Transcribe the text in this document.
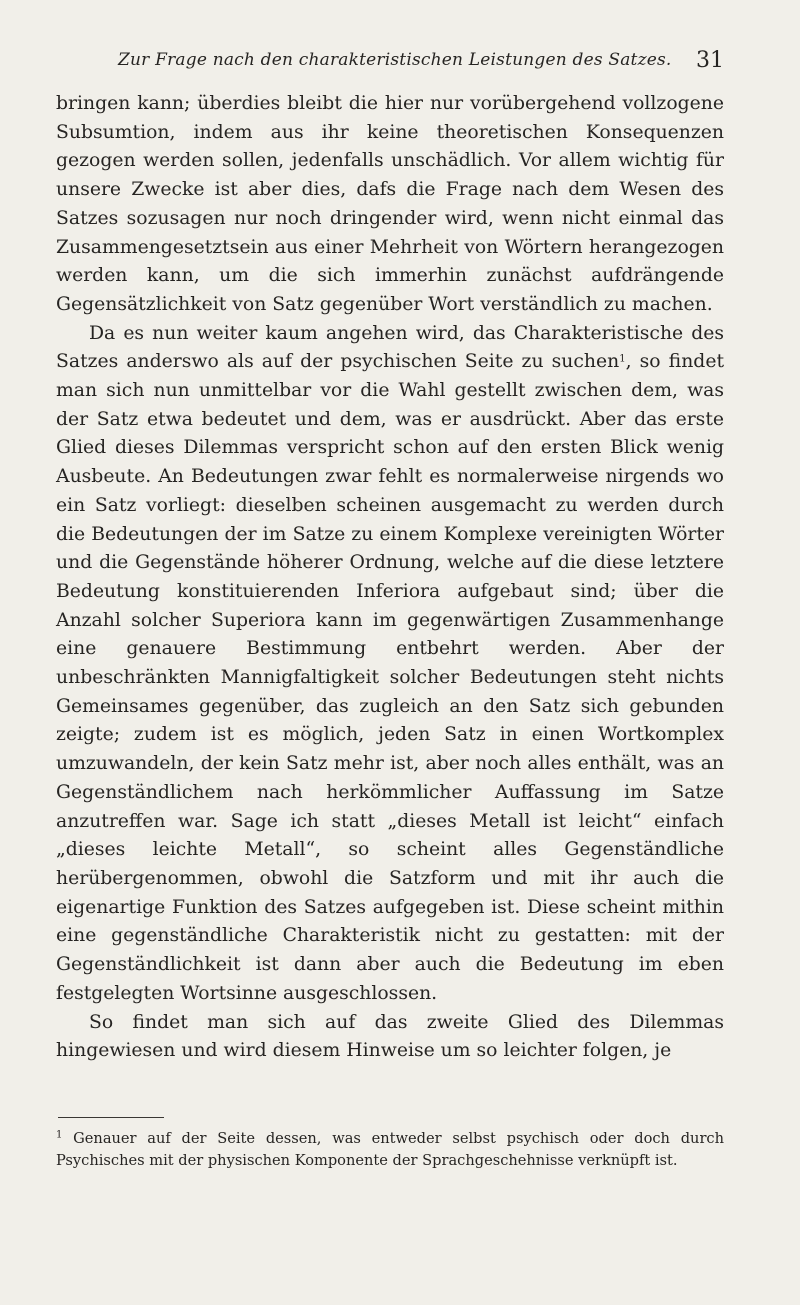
Zur Frage nach den charakteristischen Leistungen des Satzes.	31

bringen kann; überdies bleibt die hier nur vorübergehend vollzogene Subsumtion, indem aus ihr keine theoretischen Konsequenzen gezogen werden sollen, jedenfalls unschädlich. Vor allem wichtig für unsere Zwecke ist aber dies, dafs die Frage nach dem Wesen des Satzes sozusagen nur noch dringender wird, wenn nicht einmal das Zusammengesetztsein aus einer Mehrheit von Wörtern herangezogen werden kann, um die sich immerhin zunächst aufdrängende Gegensätzlichkeit von Satz gegenüber Wort verständlich zu machen.

Da es nun weiter kaum angehen wird, das Charakteristische des Satzes anderswo als auf der psychischen Seite zu suchen$^1$, so findet man sich nun unmittelbar vor die Wahl gestellt zwischen dem, was der Satz etwa bedeutet und dem, was er ausdrückt. Aber das erste Glied dieses Dilemmas verspricht schon auf den ersten Blick wenig Ausbeute. An Bedeutungen zwar fehlt es normalerweise nirgends wo ein Satz vorliegt: dieselben scheinen ausgemacht zu werden durch die Bedeutungen der im Satze zu einem Komplexe vereinigten Wörter und die Gegenstände höherer Ordnung, welche auf die diese letztere Bedeutung konstituierenden Inferiora aufgebaut sind; über die Anzahl solcher Superiora kann im gegenwärtigen Zusammenhange eine genauere Bestimmung entbehrt werden. Aber der unbeschränkten Mannigfaltigkeit solcher Bedeutungen steht nichts Gemeinsames gegenüber, das zugleich an den Satz sich gebunden zeigte; zudem ist es möglich, jeden Satz in einen Wortkomplex umzuwandeln, der kein Satz mehr ist, aber noch alles enthält, was an Gegenständlichem nach herkömmlicher Auffassung im Satze anzutreffen war. Sage ich statt „dieses Metall ist leicht“ einfach „dieses leichte Metall“, so scheint alles Gegenständliche herübergenommen, obwohl die Satzform und mit ihr auch die eigenartige Funktion des Satzes aufgegeben ist. Diese scheint mithin eine gegenständliche Charakteristik nicht zu gestatten: mit der Gegenständlichkeit ist dann aber auch die Bedeutung im eben festgelegten Wortsinne ausgeschlossen.

So findet man sich auf das zweite Glied des Dilemmas hingewiesen und wird diesem Hinweise um so leichter folgen, je

$^1$ Genauer auf der Seite dessen, was entweder selbst psychisch oder doch durch Psychisches mit der physischen Komponente der Sprachgeschehnisse verknüpft ist.
